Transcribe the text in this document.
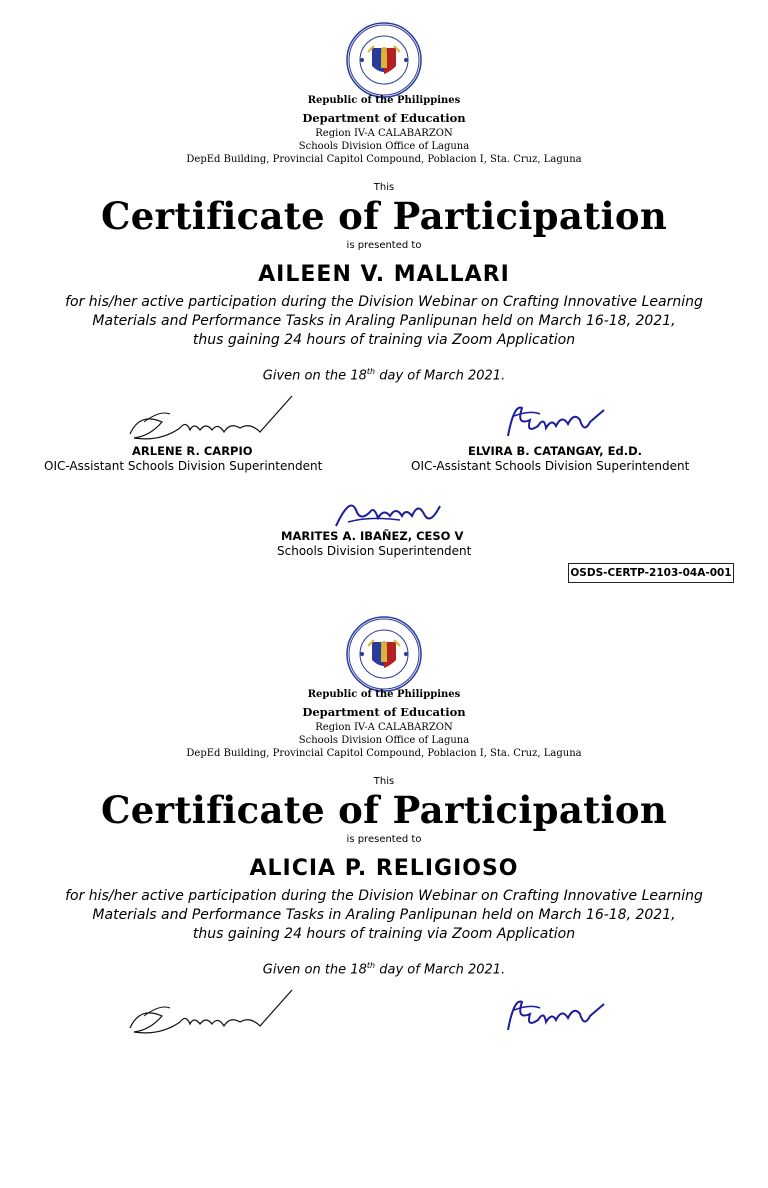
Republic of the Philippines
Department of Education
Region IV-A CALABARZON
Schools Division Office of Laguna
DepEd Building, Provincial Capitol Compound, Poblacion I, Sta. Cruz, Laguna
This
Certificate of Participation
is presented to
AILEEN V. MALLARI
for his/her active participation during the Division Webinar on Crafting Innovative Learning
Materials and Performance Tasks in Araling Panlipunan held on March 16-18, 2021,
thus gaining 24 hours of training via Zoom Application
Given on the 18th day of March 2021.
ARLENE R. CARPIO
OIC-Assistant Schools Division Superintendent
ELVIRA B. CATANGAY, Ed.D.
OIC-Assistant Schools Division Superintendent
MARITES A. IBAÑEZ, CESO V
Schools Division Superintendent
OSDS-CERTP-2103-04A-001
Republic of the Philippines
Department of Education
Region IV-A CALABARZON
Schools Division Office of Laguna
DepEd Building, Provincial Capitol Compound, Poblacion I, Sta. Cruz, Laguna
This
Certificate of Participation
is presented to
ALICIA P. RELIGIOSO
for his/her active participation during the Division Webinar on Crafting Innovative Learning
Materials and Performance Tasks in Araling Panlipunan held on March 16-18, 2021,
thus gaining 24 hours of training via Zoom Application
Given on the 18th day of March 2021.
